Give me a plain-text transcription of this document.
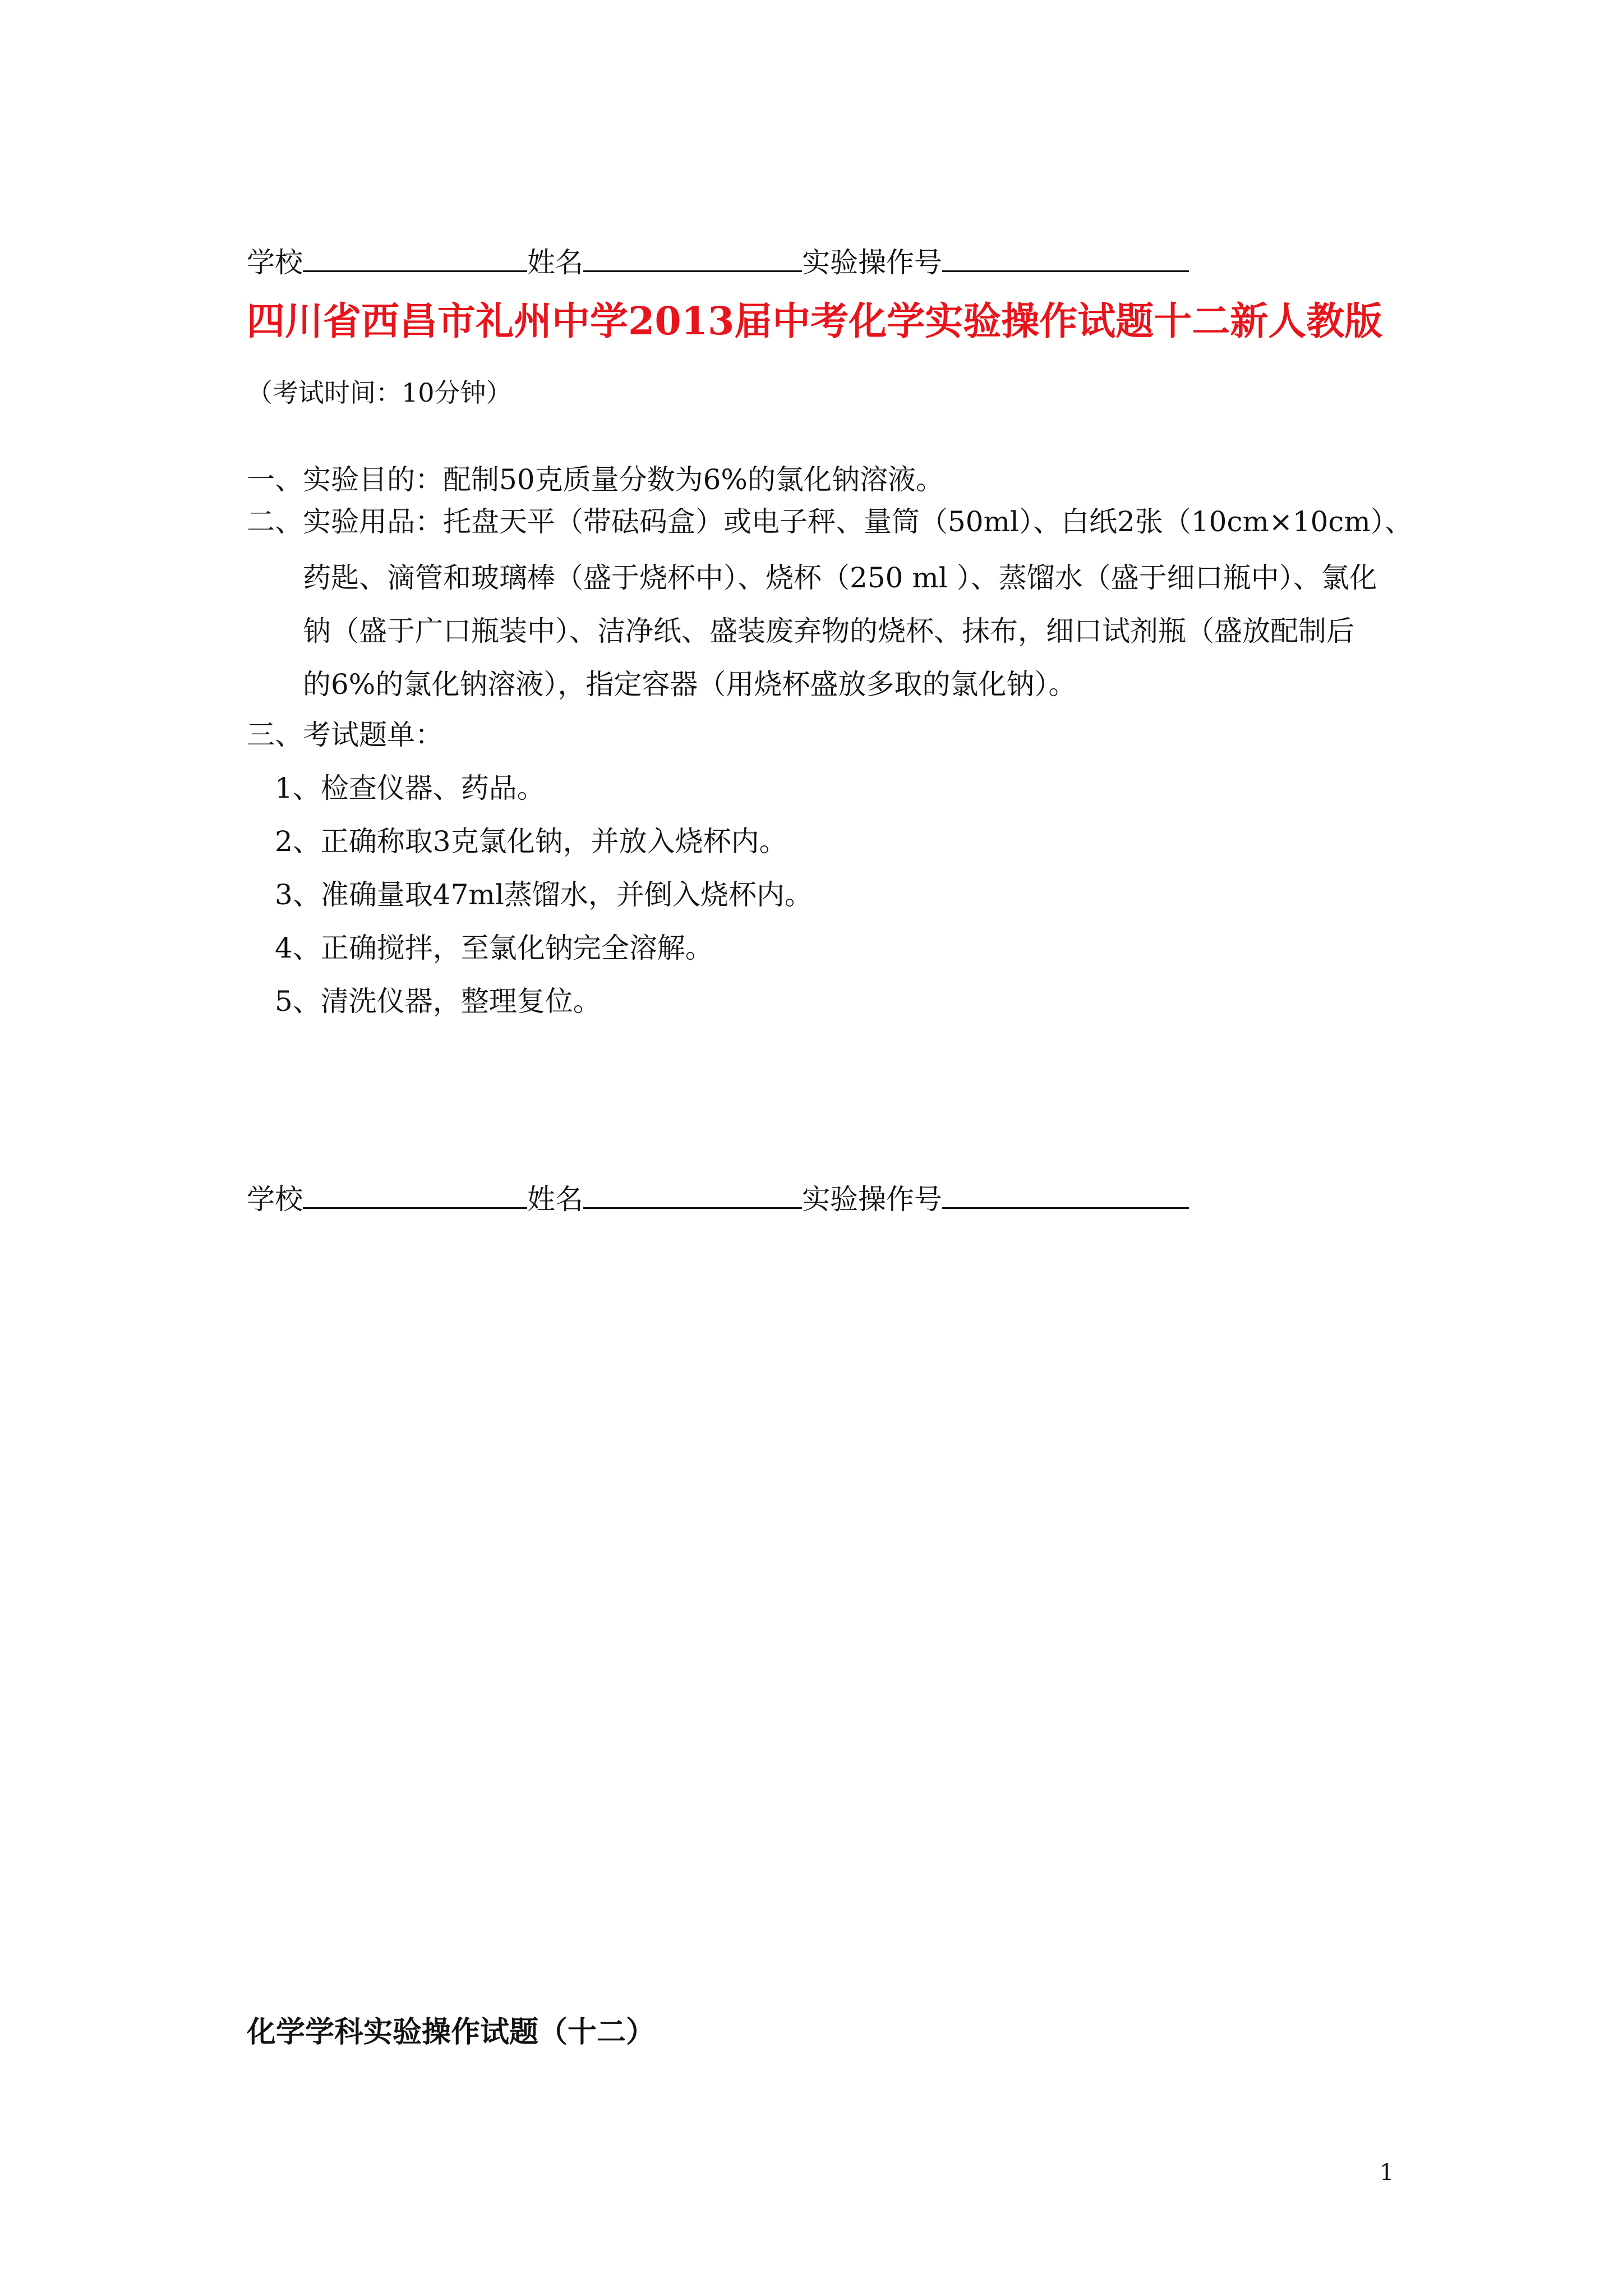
学校	姓名	实验操作号
四川省西昌市礼州中学2013届中考化学实验操作试题十二新人教版
（考试时间：10分钟）
一、实验目的：配制50克质量分数为6%的氯化钠溶液。
二、实验用品：托盘天平（带砝码盒）或电子秤、量筒（50ml）、白纸2张（10cm×10cm）、
药匙、滴管和玻璃棒（盛于烧杯中）、烧杯（250 ml ）、蒸馏水（盛于细口瓶中）、氯化
钠（盛于广口瓶装中）、洁净纸、盛装废弃物的烧杯、抹布，细口试剂瓶（盛放配制后
的6%的氯化钠溶液），指定容器（用烧杯盛放多取的氯化钠）。
三、考试题单：
1、检查仪器、药品。
2、正确称取3克氯化钠，并放入烧杯内。
3、准确量取47ml蒸馏水，并倒入烧杯内。
4、正确搅拌，至氯化钠完全溶解。
5、清洗仪器，整理复位。
学校	姓名	实验操作号
化学学科实验操作试题（十二）
1
